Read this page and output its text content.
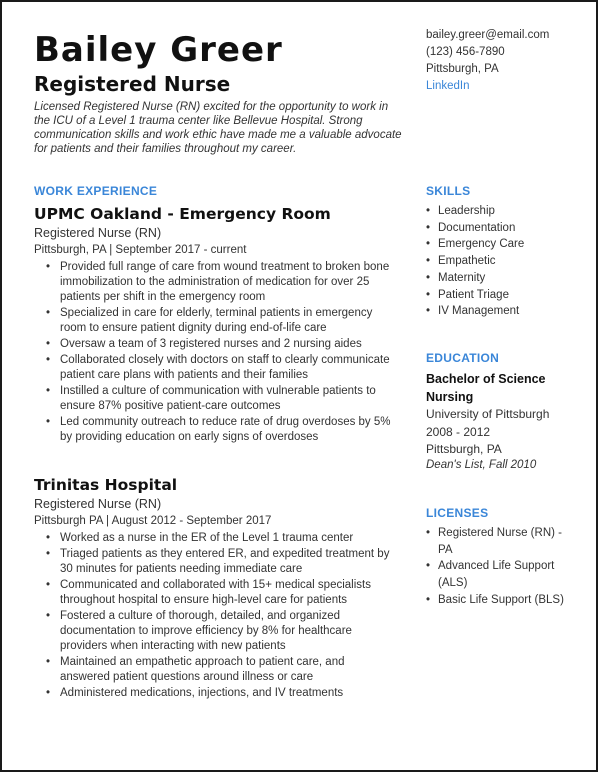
Bailey Greer
Registered Nurse

Licensed Registered Nurse (RN) excited for the opportunity to work in the ICU of a Level 1 trauma center like Bellevue Hospital. Strong communication skills and work ethic have made me a valuable advocate for patients and their families throughout my career.

bailey.greer@email.com
(123) 456-7890
Pittsburgh, PA
LinkedIn
WORK EXPERIENCE
UPMC Oakland - Emergency Room

Registered Nurse (RN)

Pittsburgh, PA | September 2017 - current

• Provided full range of care from wound treatment to broken bone immobilization to the administration of medication for over 25 patients per shift in the emergency room
• Specialized in care for elderly, terminal patients in emergency room to ensure patient dignity during end-of-life care
• Oversaw a team of 3 registered nurses and 2 nursing aides
• Collaborated closely with doctors on staff to clearly communicate patient care plans with patients and their families
• Instilled a culture of communication with vulnerable patients to ensure 87% positive patient-care outcomes
• Led community outreach to reduce rate of drug overdoses by 5% by providing education on early signs of overdoses
Trinitas Hospital

Registered Nurse (RN)

Pittsburgh PA | August 2012 - September 2017

• Worked as a nurse in the ER of the Level 1 trauma center
• Triaged patients as they entered ER, and expedited treatment by 30 minutes for patients needing immediate care
• Communicated and collaborated with 15+ medical specialists throughout hospital to ensure high-level care for patients
• Fostered a culture of thorough, detailed, and organized documentation to improve efficiency by 8% for healthcare providers when interacting with new patients
• Maintained an empathetic approach to patient care, and answered patient questions around illness or care
• Administered medications, injections, and IV treatments
SKILLS
• Leadership
• Documentation
• Emergency Care
• Empathetic
• Maternity
• Patient Triage
• IV Management
EDUCATION

Bachelor of Science Nursing

University of Pittsburgh

2008 - 2012

Pittsburgh, PA

Dean's List, Fall 2010

LICENSES
• Registered Nurse (RN) - PA
• Advanced Life Support (ALS)
• Basic Life Support (BLS)
